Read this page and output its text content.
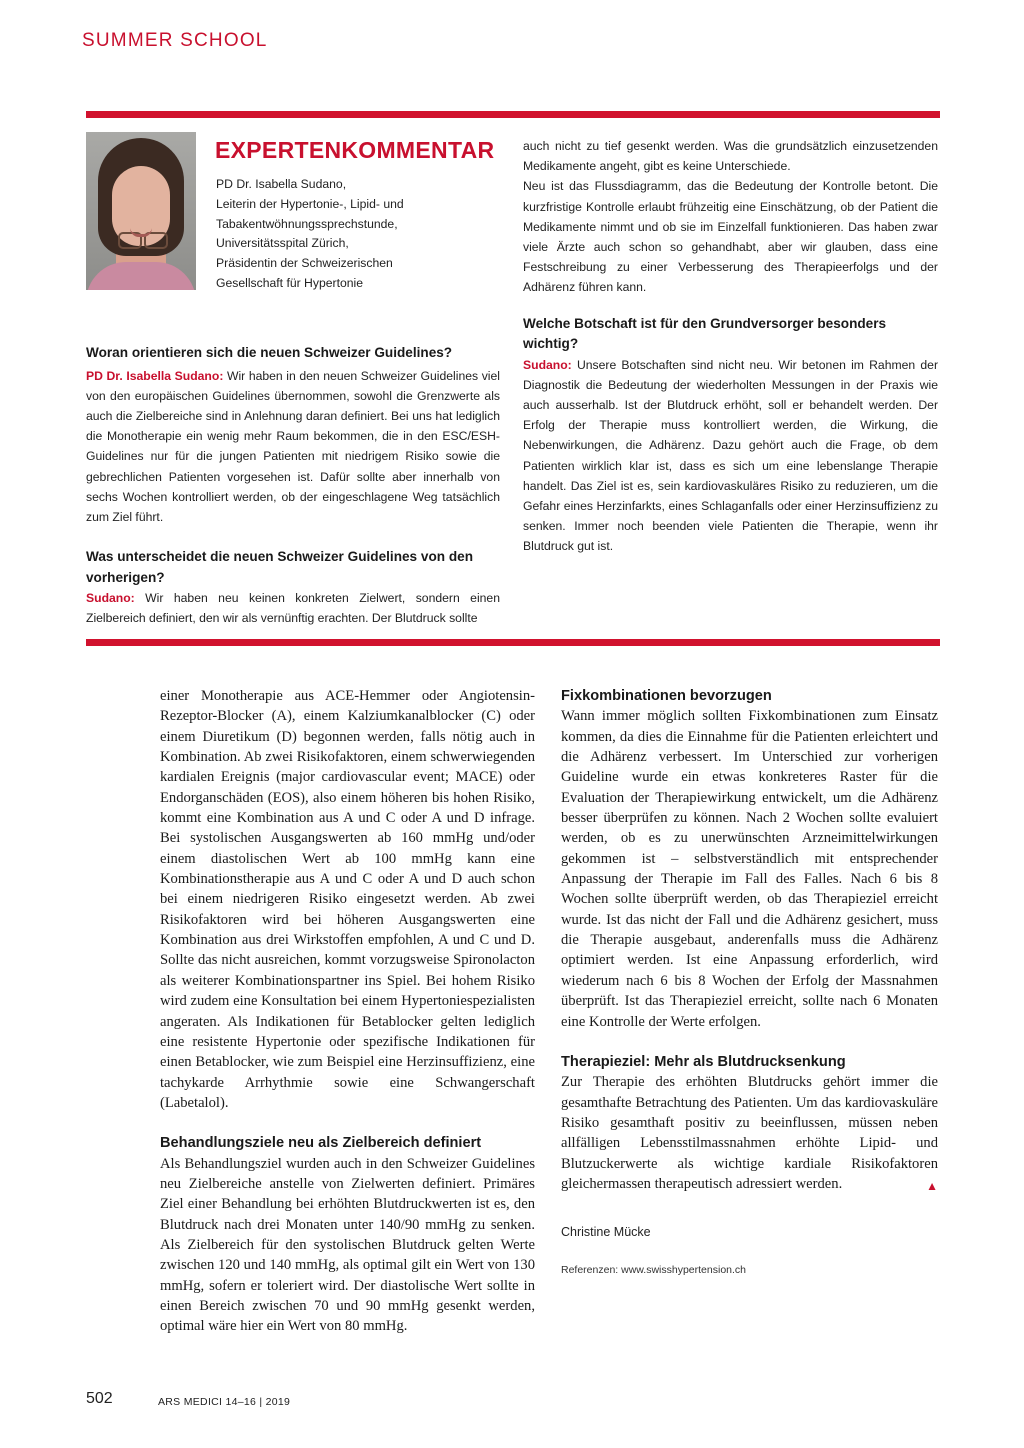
SUMMER SCHOOL
EXPERTENKOMMENTAR
PD Dr. Isabella Sudano,
Leiterin der Hypertonie-, Lipid- und
Tabakentwöhnungssprechstunde,
Universitätsspital Zürich,
Präsidentin der Schweizerischen
Gesellschaft für Hypertonie
Woran orientieren sich die neuen Schweizer Guidelines?
PD Dr. Isabella Sudano: Wir haben in den neuen Schweizer Guidelines viel von den europäischen Guidelines übernommen, sowohl die Grenzwerte als auch die Zielbereiche sind in Anlehnung daran definiert. Bei uns hat lediglich die Monotherapie ein wenig mehr Raum bekommen, die in den ESC/ESH-Guidelines nur für die jungen Patienten mit niedrigem Risiko sowie die gebrechlichen Patienten vorgesehen ist. Dafür sollte aber innerhalb von sechs Wochen kontrolliert werden, ob der eingeschlagene Weg tatsächlich zum Ziel führt.
Was unterscheidet die neuen Schweizer Guidelines von den vorherigen?
Sudano: Wir haben neu keinen konkreten Zielwert, sondern einen Zielbereich definiert, den wir als vernünftig erachten. Der Blutdruck sollte
auch nicht zu tief gesenkt werden. Was die grundsätzlich einzusetzenden Medikamente angeht, gibt es keine Unterschiede.
Neu ist das Flussdiagramm, das die Bedeutung der Kontrolle betont. Die kurzfristige Kontrolle erlaubt frühzeitig eine Einschätzung, ob der Patient die Medikamente nimmt und ob sie im Einzelfall funktionieren. Das haben zwar viele Ärzte auch schon so gehandhabt, aber wir glauben, dass eine Festschreibung zu einer Verbesserung des Therapieerfolgs und der Adhärenz führen kann.
Welche Botschaft ist für den Grundversorger besonders wichtig?
Sudano: Unsere Botschaften sind nicht neu. Wir betonen im Rahmen der Diagnostik die Bedeutung der wiederholten Messungen in der Praxis wie auch ausserhalb. Ist der Blutdruck erhöht, soll er behandelt werden. Der Erfolg der Therapie muss kontrolliert werden, die Wirkung, die Nebenwirkungen, die Adhärenz. Dazu gehört auch die Frage, ob dem Patienten wirklich klar ist, dass es sich um eine lebenslange Therapie handelt. Das Ziel ist es, sein kardiovaskuläres Risiko zu reduzieren, um die Gefahr eines Herzinfarkts, eines Schlaganfalls oder einer Herzinsuffizienz zu senken. Immer noch beenden viele Patienten die Therapie, wenn ihr Blutdruck gut ist.
einer Monotherapie aus ACE-Hemmer oder Angiotensin-Rezeptor-Blocker (A), einem Kalziumkanalblocker (C) oder einem Diuretikum (D) begonnen werden, falls nötig auch in Kombination. Ab zwei Risikofaktoren, einem schwerwiegenden kardialen Ereignis (major cardiovascular event; MACE) oder Endorganschäden (EOS), also einem höheren bis hohen Risiko, kommt eine Kombination aus A und C oder A und D infrage. Bei systolischen Ausgangswerten ab 160 mmHg und/oder einem diastolischen Wert ab 100 mmHg kann eine Kombinationstherapie aus A und C oder A und D auch schon bei einem niedrigeren Risiko eingesetzt werden. Ab zwei Risikofaktoren wird bei höheren Ausgangswerten eine Kombination aus drei Wirkstoffen empfohlen, A und C und D. Sollte das nicht ausreichen, kommt vorzugsweise Spironolacton als weiterer Kombinationspartner ins Spiel. Bei hohem Risiko wird zudem eine Konsultation bei einem Hypertoniespezialisten angeraten. Als Indikationen für Betablocker gelten lediglich eine resistente Hypertonie oder spezifische Indikationen für einen Betablocker, wie zum Beispiel eine Herzinsuffizienz, eine tachykarde Arrhythmie sowie eine Schwangerschaft (Labetalol).
Behandlungsziele neu als Zielbereich definiert
Als Behandlungsziel wurden auch in den Schweizer Guidelines neu Zielbereiche anstelle von Zielwerten definiert. Primäres Ziel einer Behandlung bei erhöhten Blutdruckwerten ist es, den Blutdruck nach drei Monaten unter 140/90 mmHg zu senken. Als Zielbereich für den systolischen Blutdruck gelten Werte zwischen 120 und 140 mmHg, als optimal gilt ein Wert von 130 mmHg, sofern er toleriert wird. Der diastolische Wert sollte in einen Bereich zwischen 70 und 90 mmHg gesenkt werden, optimal wäre hier ein Wert von 80 mmHg.
Fixkombinationen bevorzugen
Wann immer möglich sollten Fixkombinationen zum Einsatz kommen, da dies die Einnahme für die Patienten erleichtert und die Adhärenz verbessert. Im Unterschied zur vorherigen Guideline wurde ein etwas konkreteres Raster für die Evaluation der Therapiewirkung entwickelt, um die Adhärenz besser überprüfen zu können. Nach 2 Wochen sollte evaluiert werden, ob es zu unerwünschten Arzneimittelwirkungen gekommen ist – selbstverständlich mit entsprechender Anpassung der Therapie im Fall des Falles. Nach 6 bis 8 Wochen sollte überprüft werden, ob das Therapieziel erreicht wurde. Ist das nicht der Fall und die Adhärenz gesichert, muss die Therapie ausgebaut, anderenfalls muss die Adhärenz optimiert werden. Ist eine Anpassung erforderlich, wird wiederum nach 6 bis 8 Wochen der Erfolg der Massnahmen überprüft. Ist das Therapieziel erreicht, sollte nach 6 Monaten eine Kontrolle der Werte erfolgen.
Therapieziel: Mehr als Blutdrucksenkung
Zur Therapie des erhöhten Blutdrucks gehört immer die gesamthafte Betrachtung des Patienten. Um das kardiovaskuläre Risiko gesamthaft positiv zu beeinflussen, müssen neben allfälligen Lebensstilmassnahmen erhöhte Lipid- und Blutzuckerwerte als wichtige kardiale Risikofaktoren gleichermassen therapeutisch adressiert werden.	▲
Christine Mücke
Referenzen: www.swisshypertension.ch
502	ARS MEDICI 14–16 | 2019
